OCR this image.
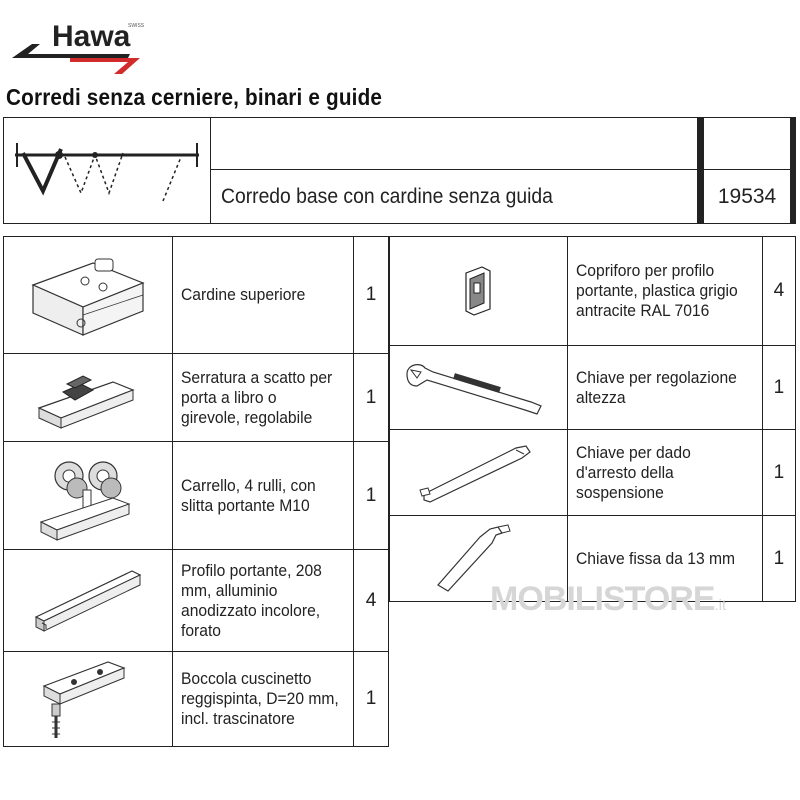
Hawa
SWISS
Corredi senza cerniere, binari e guide

	Corredo base con cardine senza guida	19534
	Cardine superiore	1

	Serratura a scatto per porta a libro o girevole, regolabile	1

	Carrello, 4 rulli, con slitta portante M10	1

	Profilo portante, 208 mm, alluminio anodizzato incolore, forato	4

	Boccola cuscinetto reggispinta, D=20 mm, incl. trascinatore	1
	Copriforo per profilo portante, plastica grigio antracite RAL 7016	4

	Chiave per regolazione altezza	1

	Chiave per dado d'arresto della sospensione	1

	Chiave fissa da 13 mm	1
MOBILISTORE.it
